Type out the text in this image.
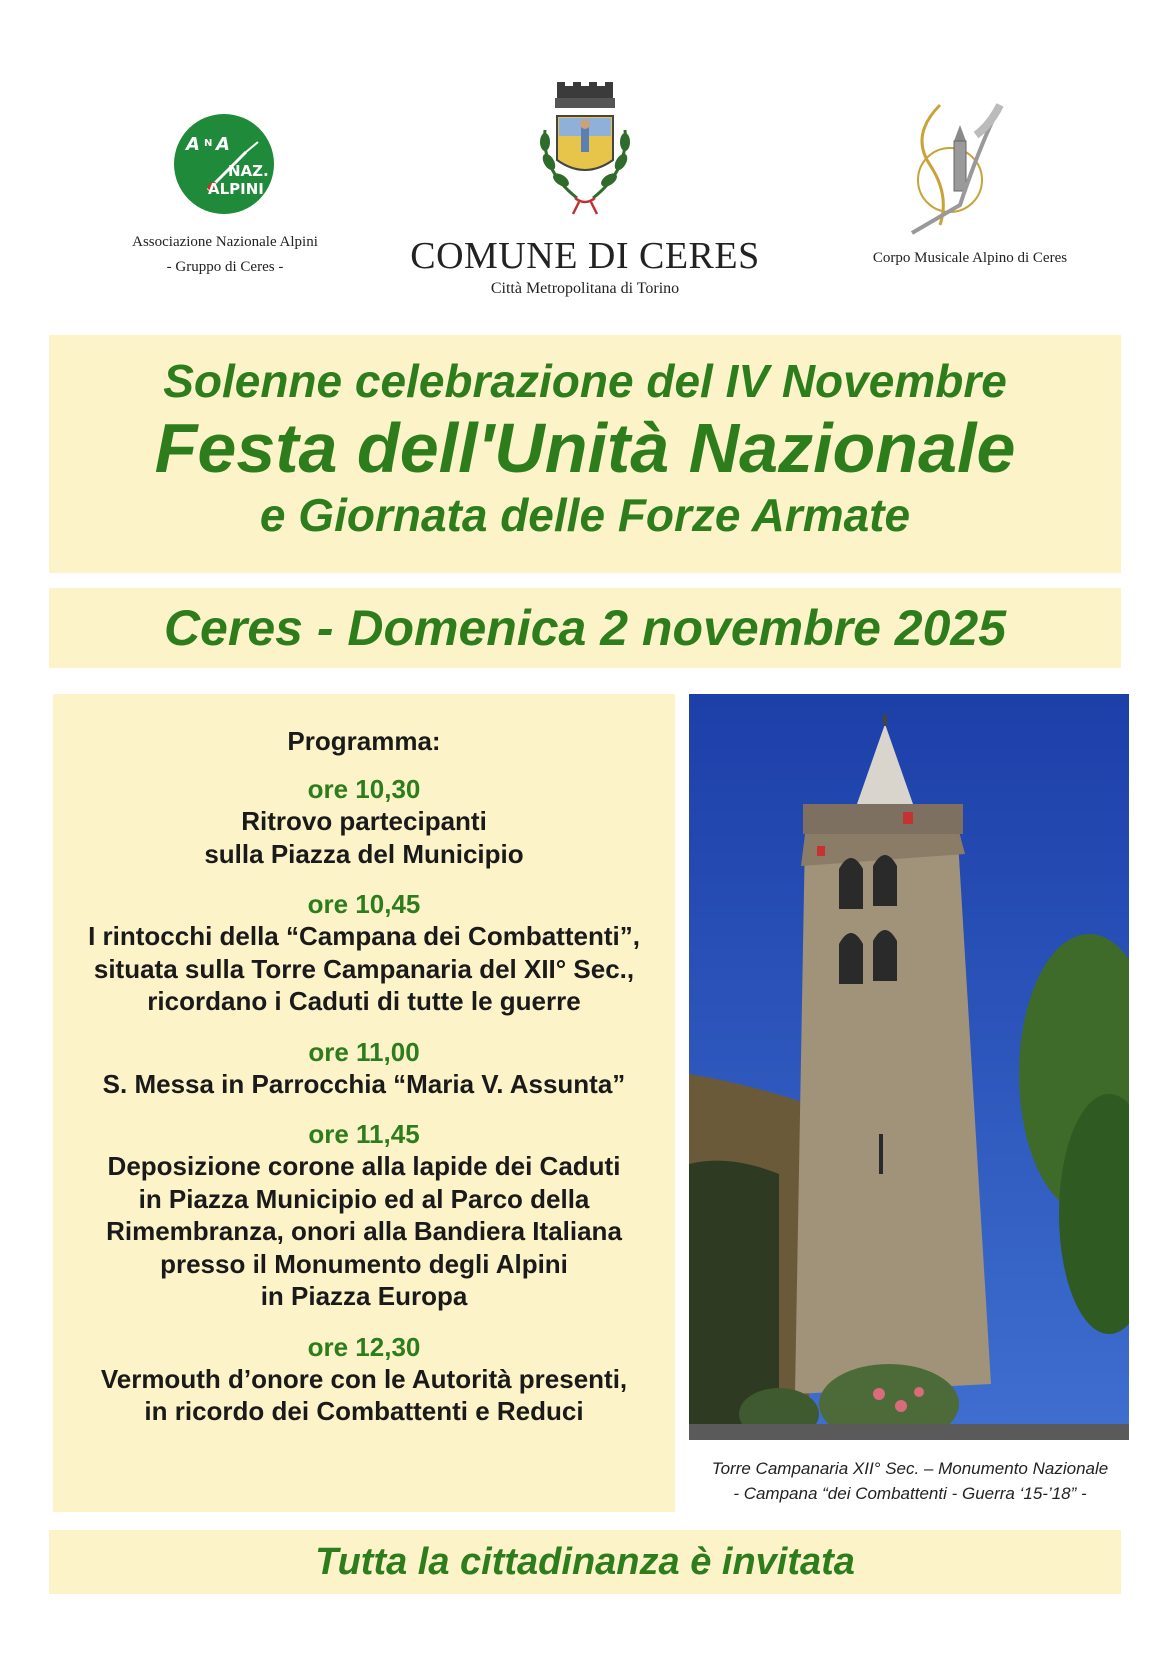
A N A
NAZ.
ALPINI
Associazione Nazionale Alpini
- Gruppo di Ceres -	COMUNE DI CERES
Città Metropolitana di Torino
Corpo Musicale Alpino di Ceres
Solenne celebrazione del IV Novembre
Festa dell'Unità Nazionale
e Giornata delle Forze Armate
Ceres - Domenica 2 novembre 2025
Programma:
ore 10,30
Ritrovo partecipanti
sulla Piazza del Municipio
ore 10,45
I rintocchi della “Campana dei Combattenti”,
situata sulla Torre Campanaria del XII° Sec.,
ricordano i Caduti di tutte le guerre
ore 11,00
S. Messa in Parrocchia “Maria V. Assunta”
ore 11,45
Deposizione corone alla lapide dei Caduti
in Piazza Municipio ed al Parco della
Rimembranza, onori alla Bandiera Italiana
presso il Monumento degli Alpini
in Piazza Europa
ore 12,30
Vermouth d’onore con le Autorità presenti,
in ricordo dei Combattenti e Reduci
Torre Campanaria XII° Sec. – Monumento Nazionale
- Campana “dei Combattenti - Guerra ‘15-’18” -
Tutta la cittadinanza è invitata
